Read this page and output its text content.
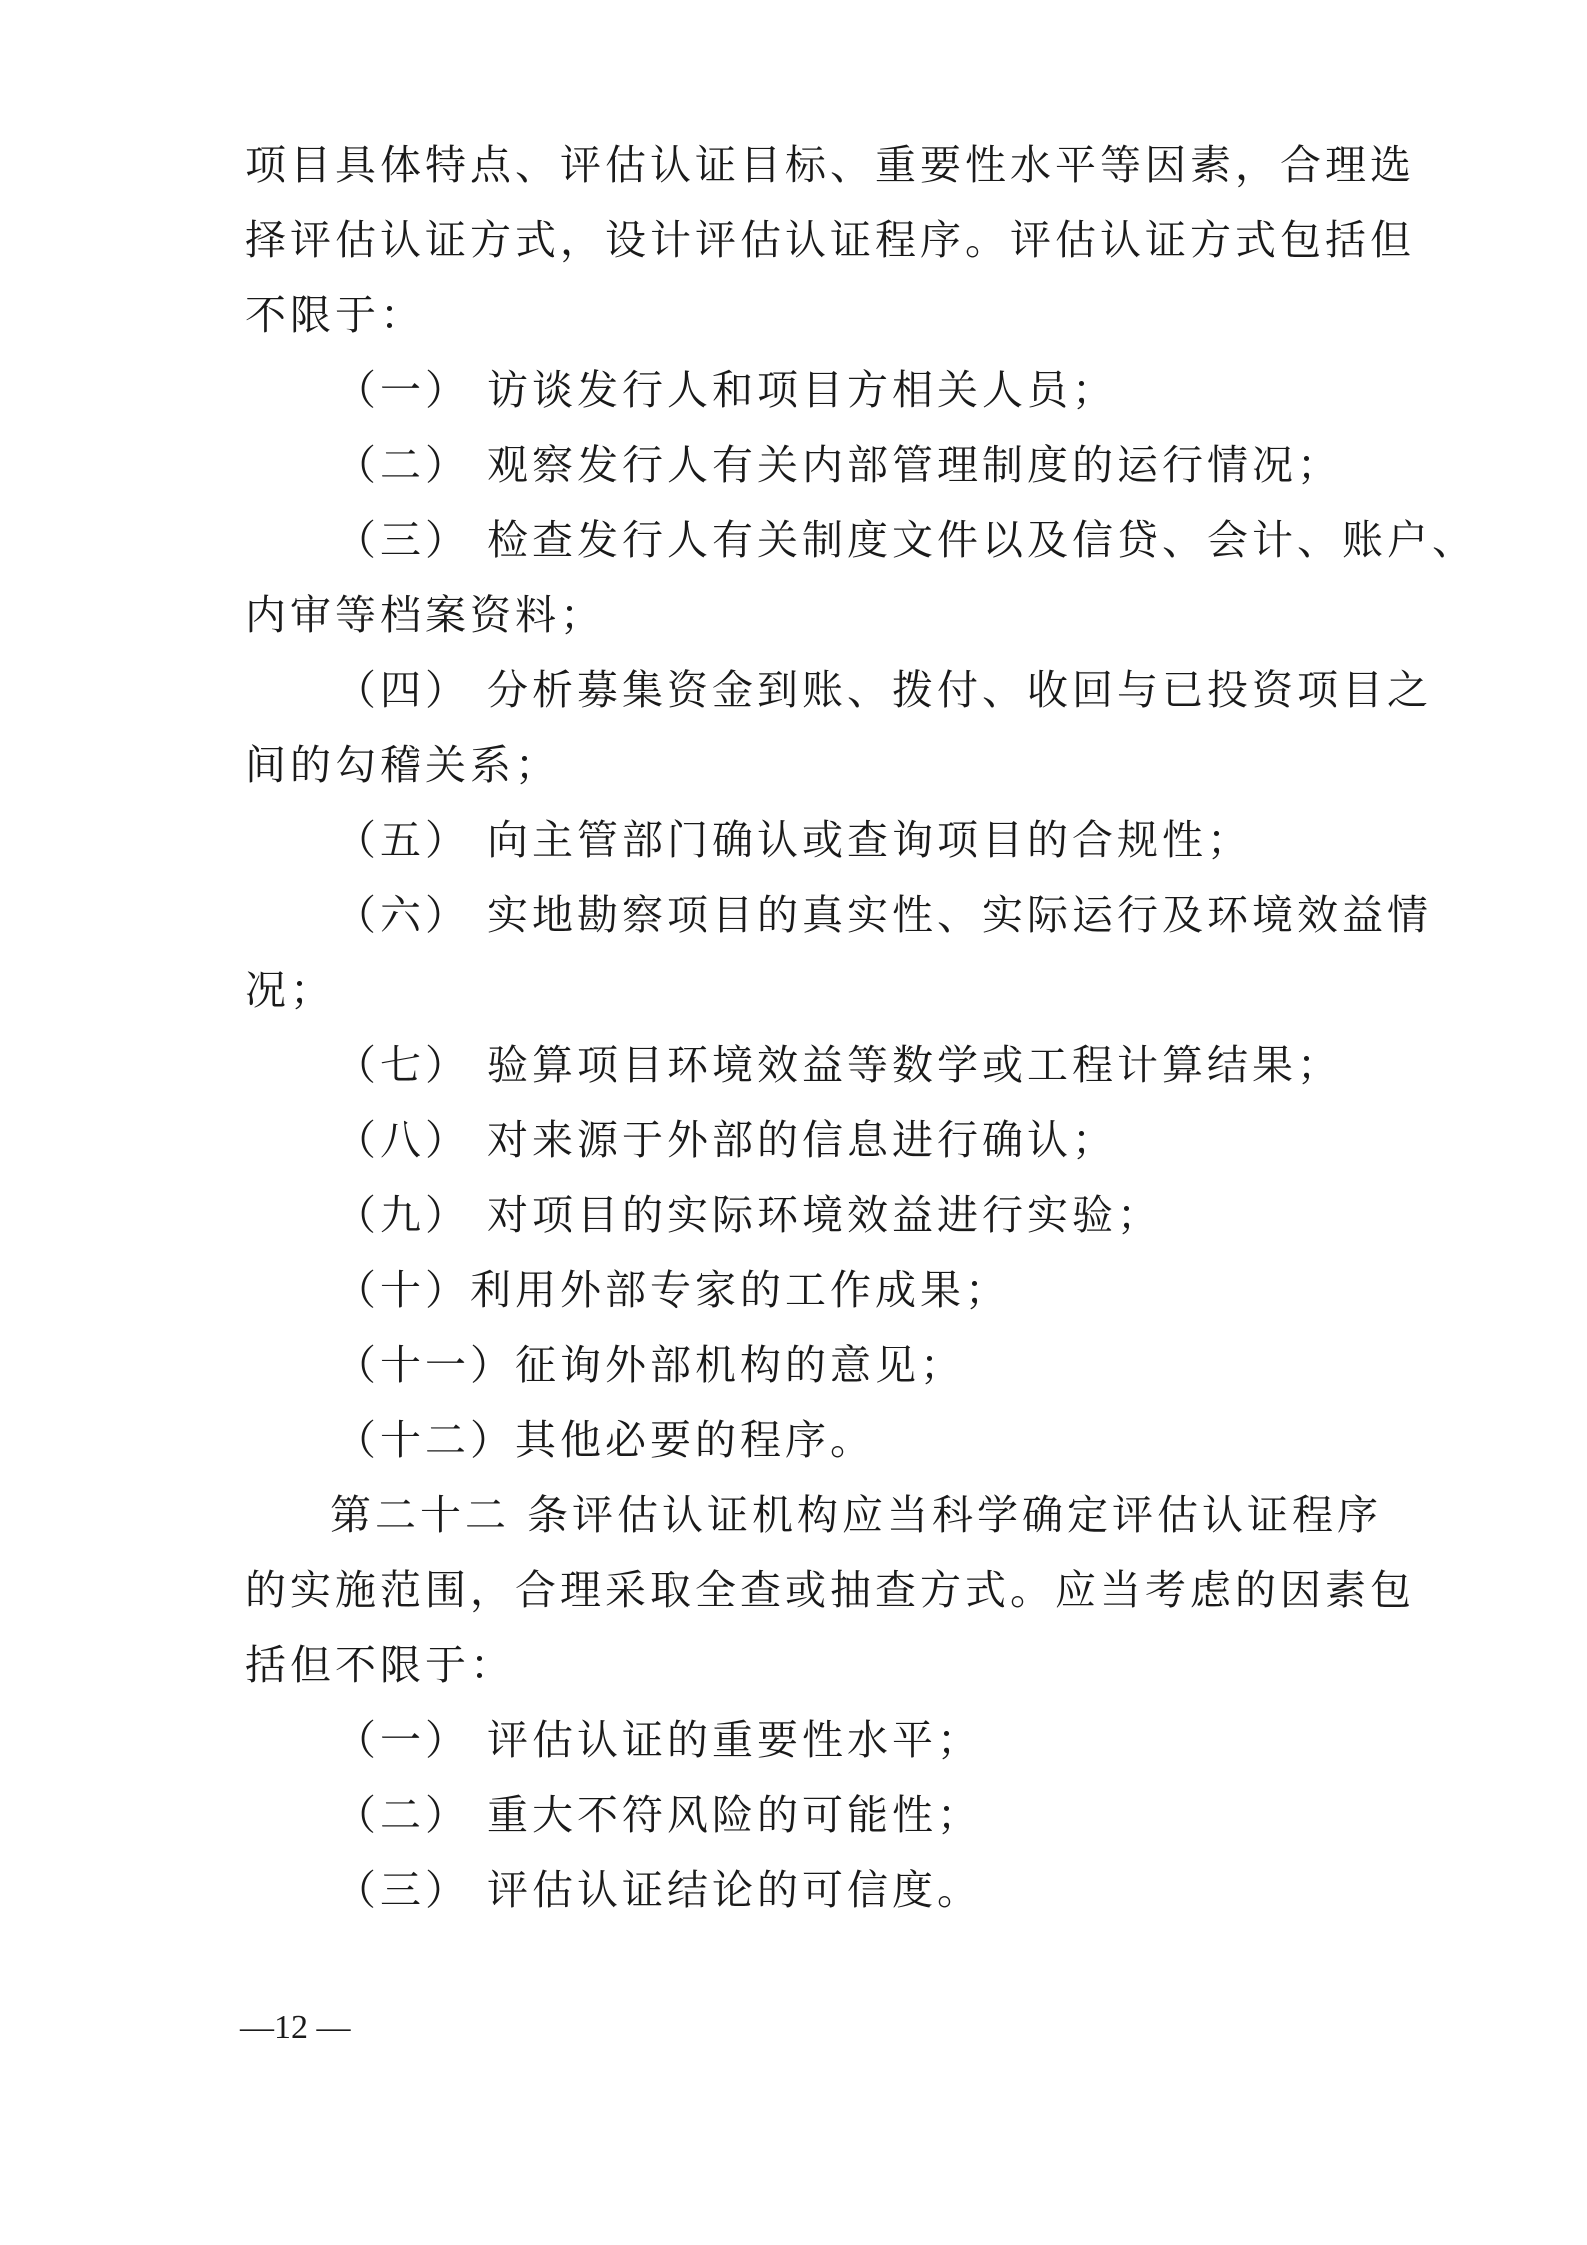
项目具体特点、评估认证目标、重要性水平等因素，合理选
择评估认证方式，设计评估认证程序。评估认证方式包括但
不限于：
（一） 访谈发行人和项目方相关人员；
（二） 观察发行人有关内部管理制度的运行情况；
（三） 检查发行人有关制度文件以及信贷、会计、账户、
内审等档案资料；
（四） 分析募集资金到账、拨付、收回与已投资项目之
间的勾稽关系；
（五） 向主管部门确认或查询项目的合规性；
（六） 实地勘察项目的真实性、实际运行及环境效益情
况；
（七） 验算项目环境效益等数学或工程计算结果；
（八） 对来源于外部的信息进行确认；
（九） 对项目的实际环境效益进行实验；
（十）利用外部专家的工作成果；
（十一）征询外部机构的意见；
（十二）其他必要的程序。
第二十二 条评估认证机构应当科学确定评估认证程序
的实施范围，合理采取全查或抽查方式。应当考虑的因素包
括但不限于：
（一） 评估认证的重要性水平；
（二） 重大不符风险的可能性；
（三） 评估认证结论的可信度。
—12 —
